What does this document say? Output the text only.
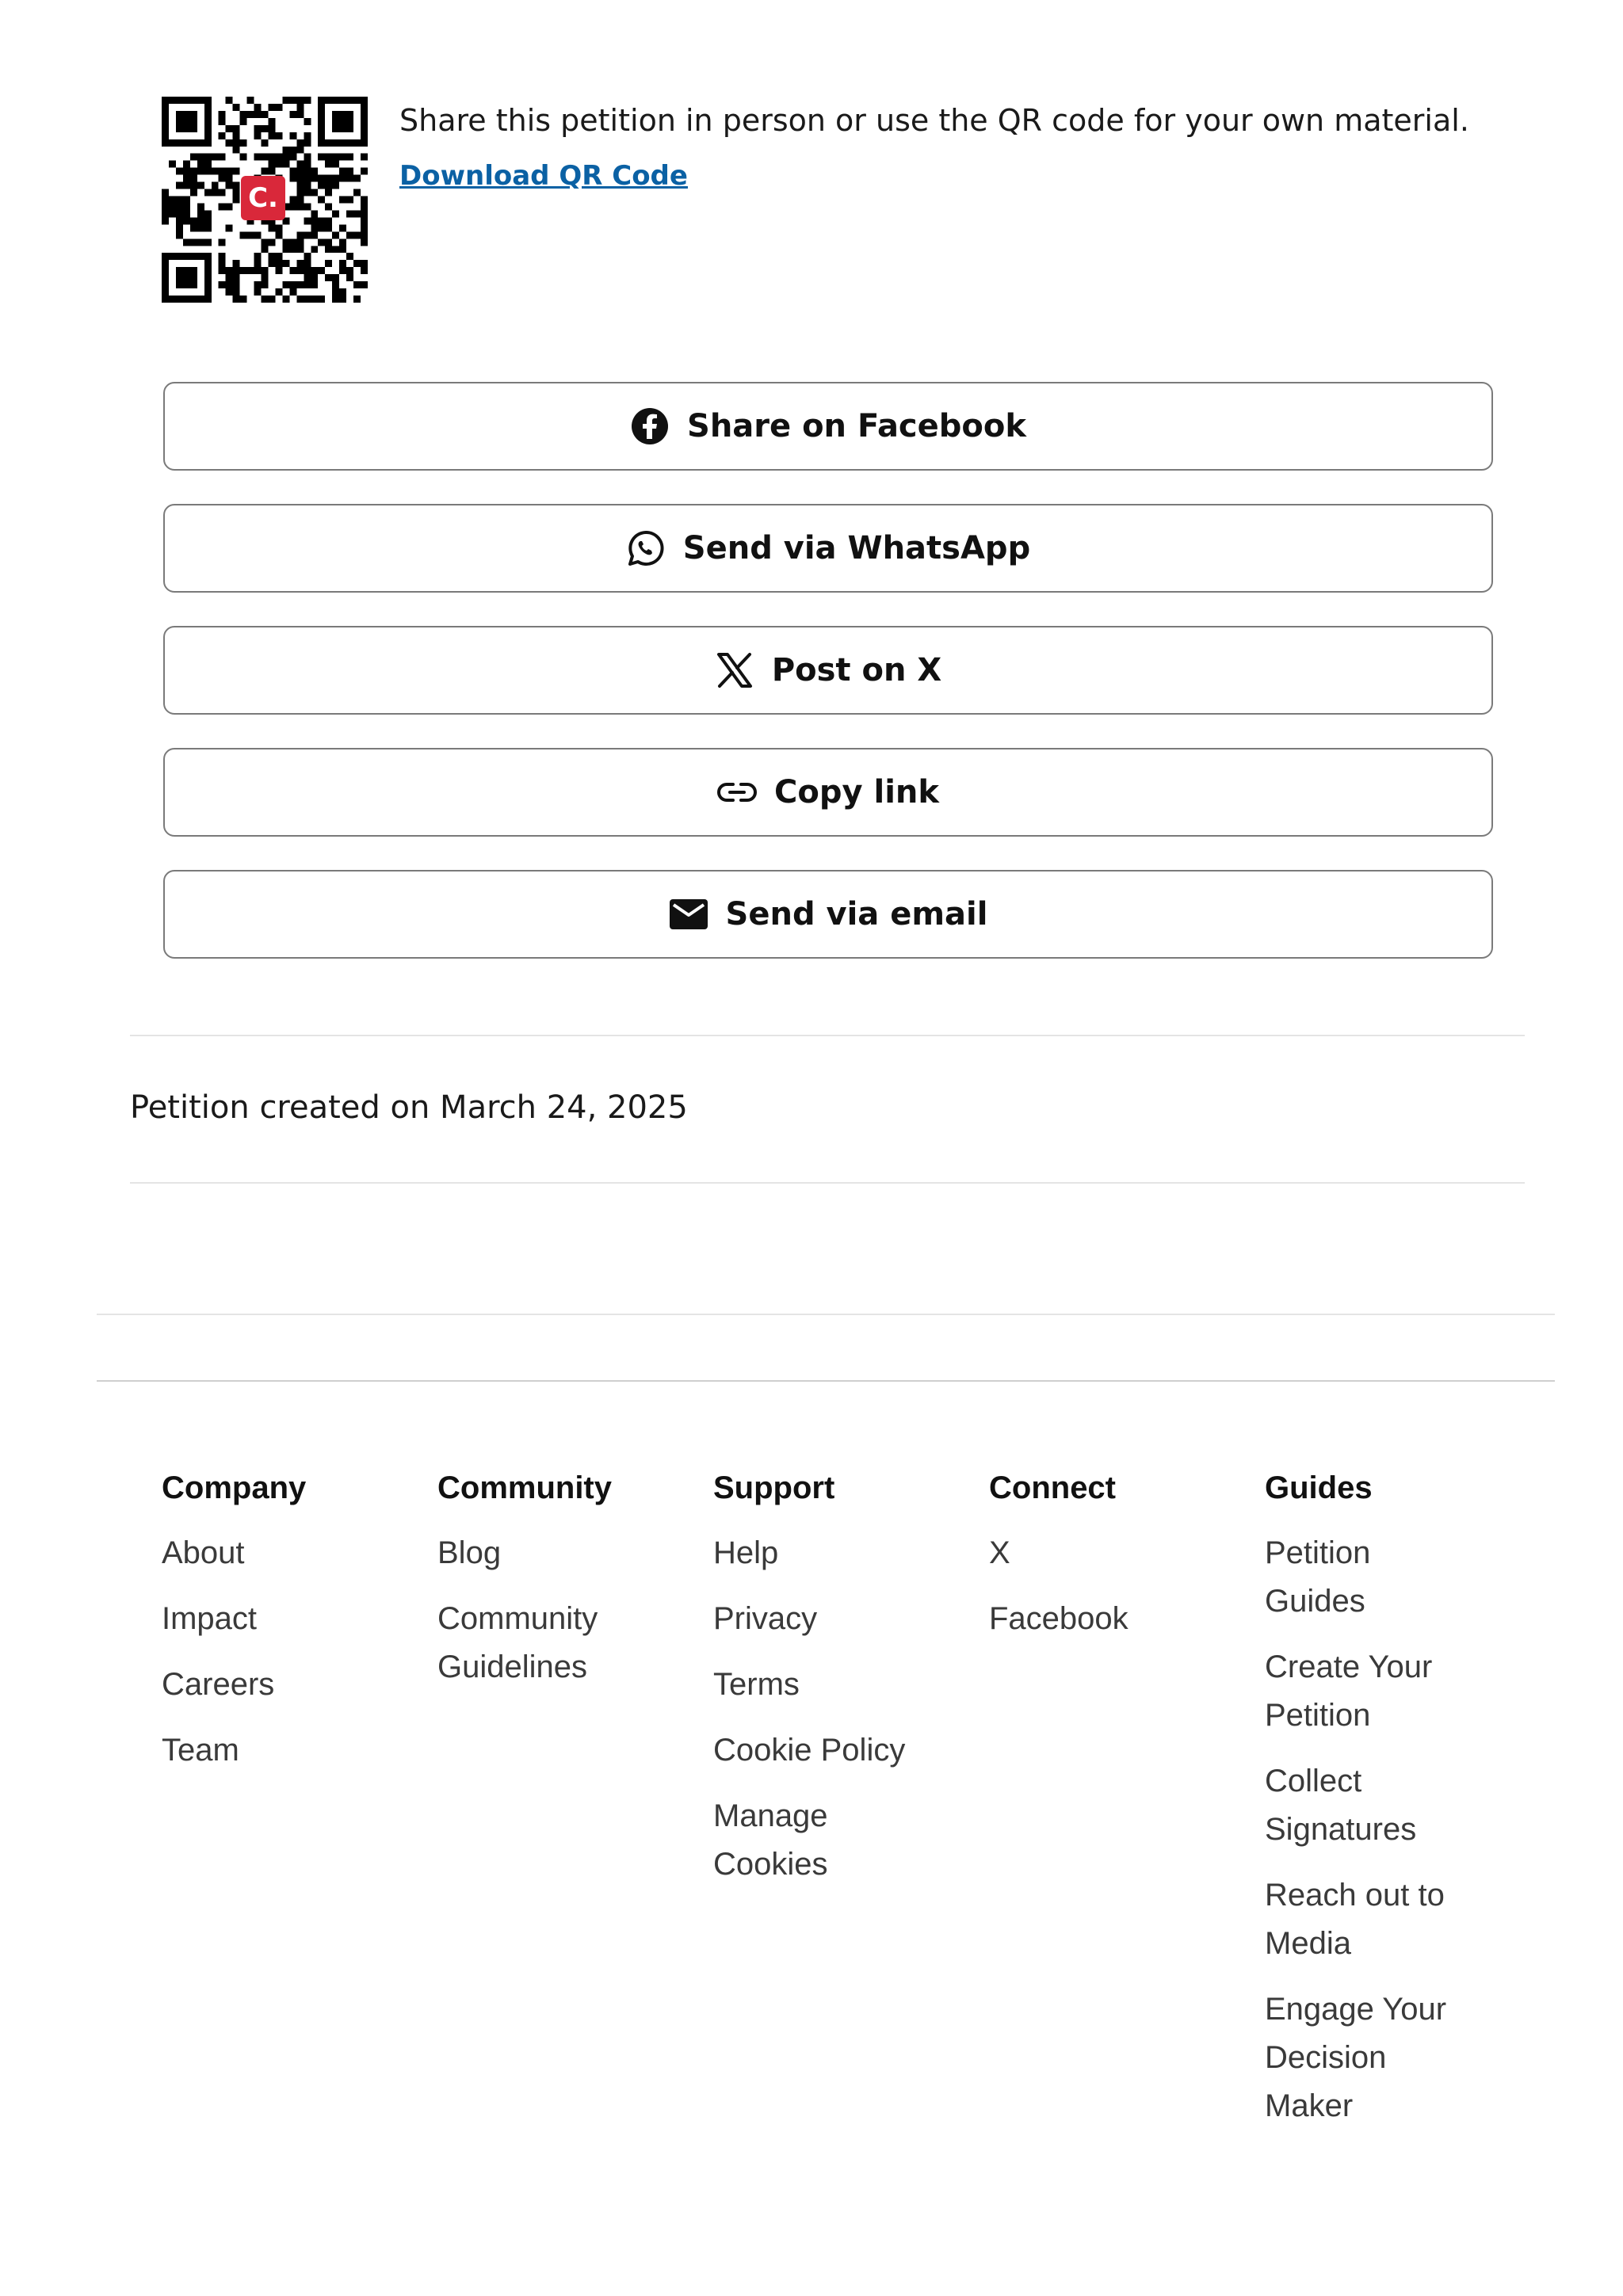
C.
Share this petition in person or use the QR code for your own material.
Download QR Code
Share on Facebook
Send via WhatsApp
Post on X
Copy link
Send via email
Petition created on March 24, 2025
Company
About
Impact
Careers
Team
Community
Blog
Community Guidelines
Support
Help
Privacy
Terms
Cookie Policy
Manage Cookies
Connect
X
Facebook
Guides
Petition Guides
Create Your Petition
Collect Signatures
Reach out to Media
Engage Your Decision Maker
